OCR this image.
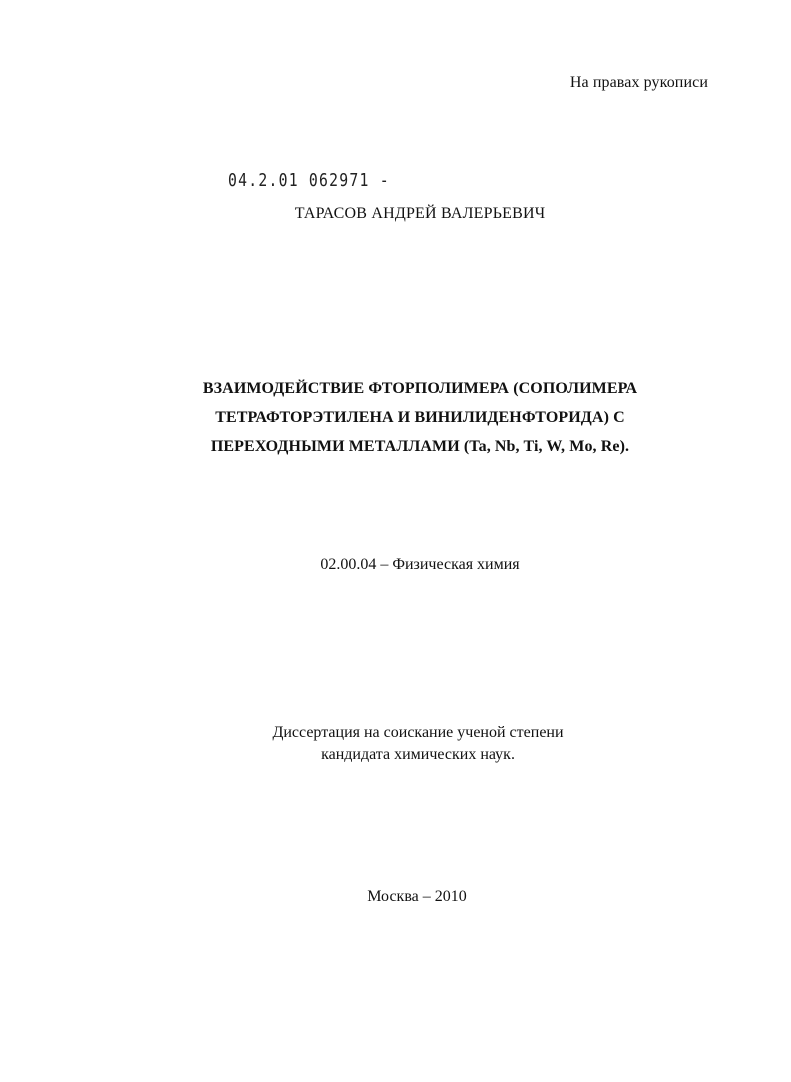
На правах рукописи
04.2.01 062971 -
ТАРАСОВ АНДРЕЙ ВАЛЕРЬЕВИЧ
ВЗАИМОДЕЙСТВИЕ ФТОРПОЛИМЕРА (СОПОЛИМЕРА
ТЕТРАФТОРЭТИЛЕНА И ВИНИЛИДЕНФТОРИДА) С
ПЕРЕХОДНЫМИ МЕТАЛЛАМИ (Ta, Nb, Ti, W, Mo, Re).
02.00.04 – Физическая химия
Диссертация на соискание ученой степени
кандидата химических наук.
Москва – 2010
